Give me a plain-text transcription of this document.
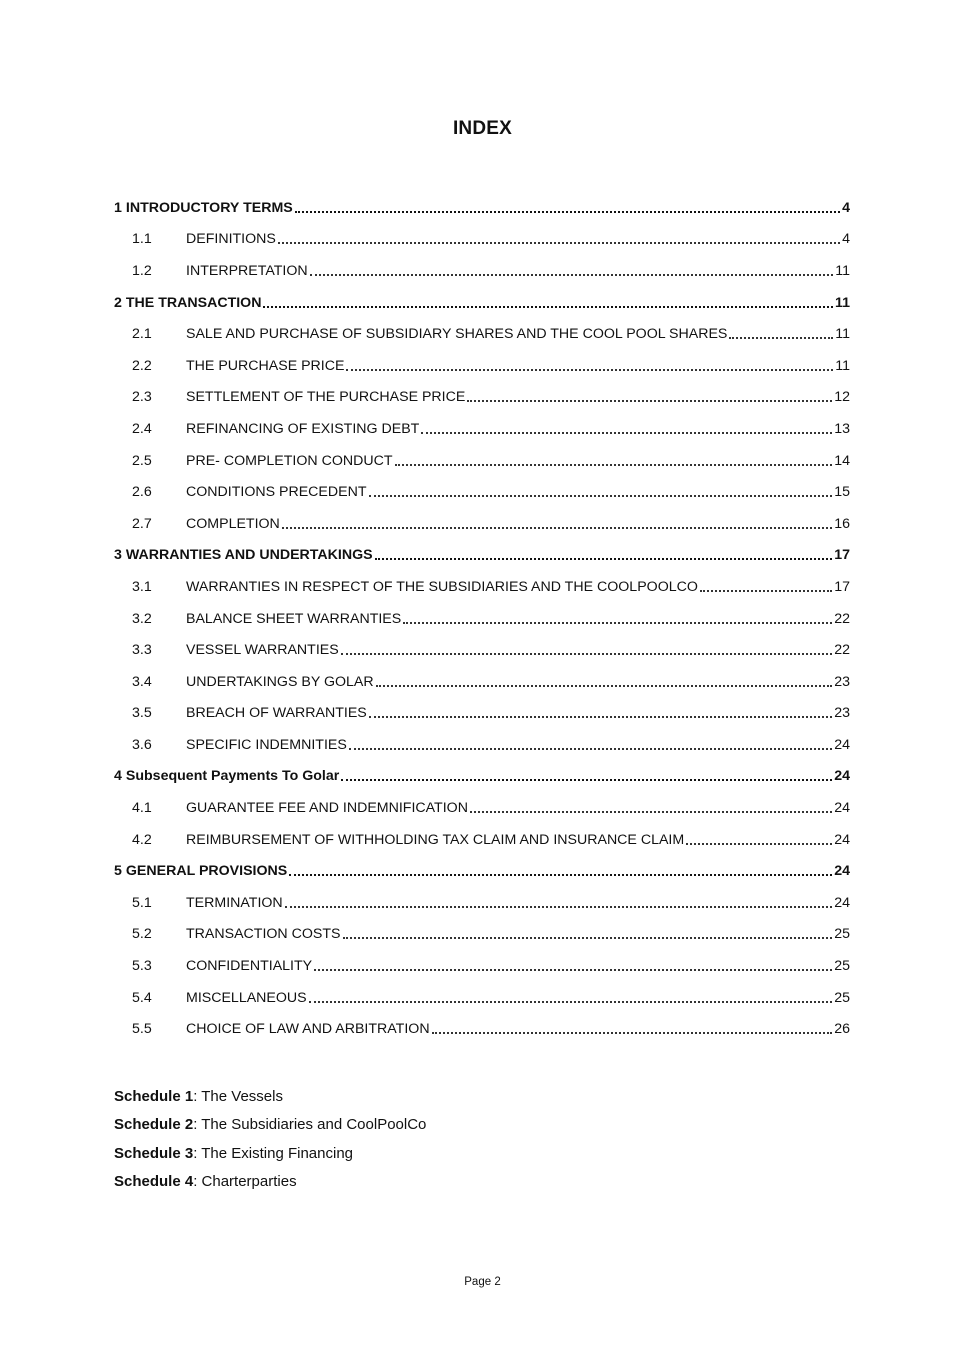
INDEX
1 INTRODUCTORY TERMS	4
1.1	DEFINITIONS	4
1.2	INTERPRETATION	11
2 THE TRANSACTION	11
2.1	SALE AND PURCHASE OF SUBSIDIARY SHARES AND THE COOL POOL SHARES	11
2.2	THE PURCHASE PRICE	11
2.3	SETTLEMENT OF THE PURCHASE PRICE	12
2.4	REFINANCING OF EXISTING DEBT	13
2.5	PRE- COMPLETION CONDUCT	14
2.6	CONDITIONS PRECEDENT	15
2.7	COMPLETION	16
3 WARRANTIES AND UNDERTAKINGS	17
3.1	WARRANTIES IN RESPECT OF THE SUBSIDIARIES AND THE COOLPOOLCO	17
3.2	BALANCE SHEET WARRANTIES	22
3.3	VESSEL WARRANTIES	22
3.4	UNDERTAKINGS BY GOLAR	23
3.5	BREACH OF WARRANTIES	23
3.6	SPECIFIC INDEMNITIES	24
4 Subsequent Payments To Golar	24
4.1	GUARANTEE FEE AND INDEMNIFICATION	24
4.2	REIMBURSEMENT OF WITHHOLDING TAX CLAIM AND INSURANCE CLAIM	24
5 GENERAL PROVISIONS	24
5.1	TERMINATION	24
5.2	TRANSACTION COSTS	25
5.3	CONFIDENTIALITY	25
5.4	MISCELLANEOUS	25
5.5	CHOICE OF LAW AND ARBITRATION	26
Schedule 1: The Vessels
Schedule 2: The Subsidiaries and CoolPoolCo
Schedule 3: The Existing Financing
Schedule 4: Charterparties
Page 2
